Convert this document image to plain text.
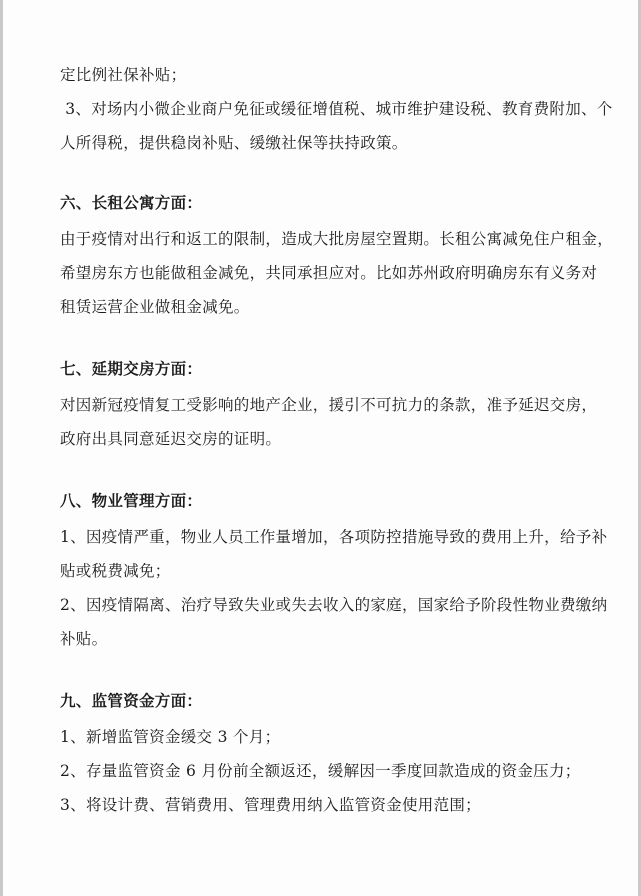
定比例社保补贴；
3、对场内小微企业商户免征或缓征增值税、城市维护建设税、教育费附加、个
人所得税，提供稳岗补贴、缓缴社保等扶持政策。
六、长租公寓方面：
由于疫情对出行和返工的限制，造成大批房屋空置期。长租公寓减免住户租金，
希望房东方也能做租金减免，共同承担应对。比如苏州政府明确房东有义务对
租赁运营企业做租金减免。
七、延期交房方面：
对因新冠疫情复工受影响的地产企业，援引不可抗力的条款，准予延迟交房，
政府出具同意延迟交房的证明。
八、物业管理方面：
1、因疫情严重，物业人员工作量增加，各项防控措施导致的费用上升，给予补
贴或税费减免；
2、因疫情隔离、治疗导致失业或失去收入的家庭，国家给予阶段性物业费缴纳
补贴。
九、监管资金方面：
1、新增监管资金缓交 3 个月；
2、存量监管资金 6 月份前全额返还，缓解因一季度回款造成的资金压力；
3、将设计费、营销费用、管理费用纳入监管资金使用范围；
